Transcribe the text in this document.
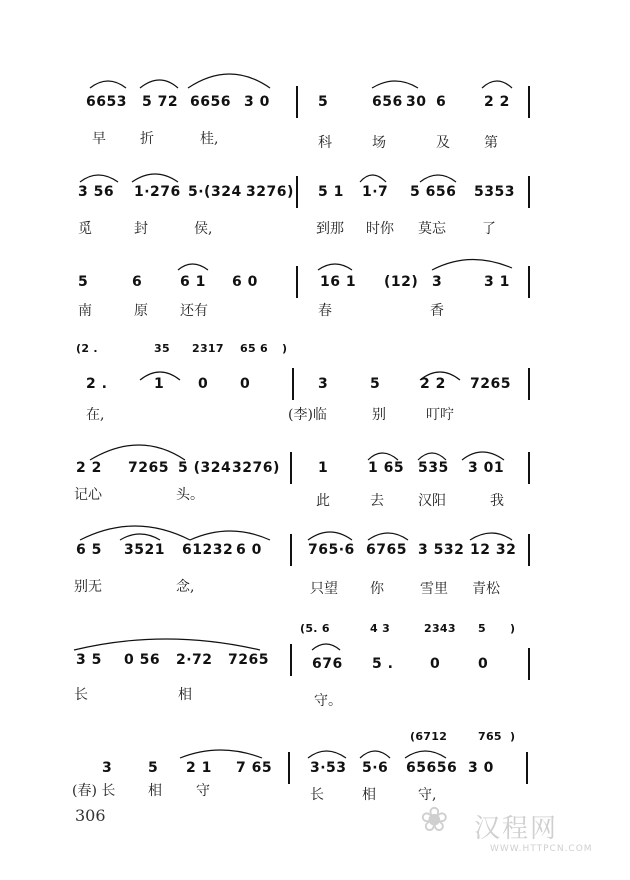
6653 5 72 6656 3 0	5	656 30 6	2 2
早 折	桂,	科	场	及 第
3 56 1·276 5·(324 3276) 5 1 1·7 5 656 5353
觅	封	侯,	到那 时你 莫忘	了
5	6	6 1 6 0	16 1 (12) 3	3 1
南	原 还有	春	香
(2 .	35 2317 65 6 )
2 .	1 0 0	3	5	2 2 7265
在,	(李)临	别	叮咛
2 2 7265 5 (324 3276)	1	1 65 535 3 01
记心	头。	此	去 汉阳	我
6 5 3521 61232 6 0	765·6 6765 3 532 12 32
别无	念,	只望 你	雪里 青松
(5. 6	4 3	2343 5 )
3 5 0 56 2·72 7265	676 5 .	0	0
长	相	守。
(6712	765 )
3	5 2 1 7 65	3·53 5·6 65656 3 0
(春) 长 相 守	长	相	守,
306	❀ 汉程网
WWW.HTTPCN.COM
